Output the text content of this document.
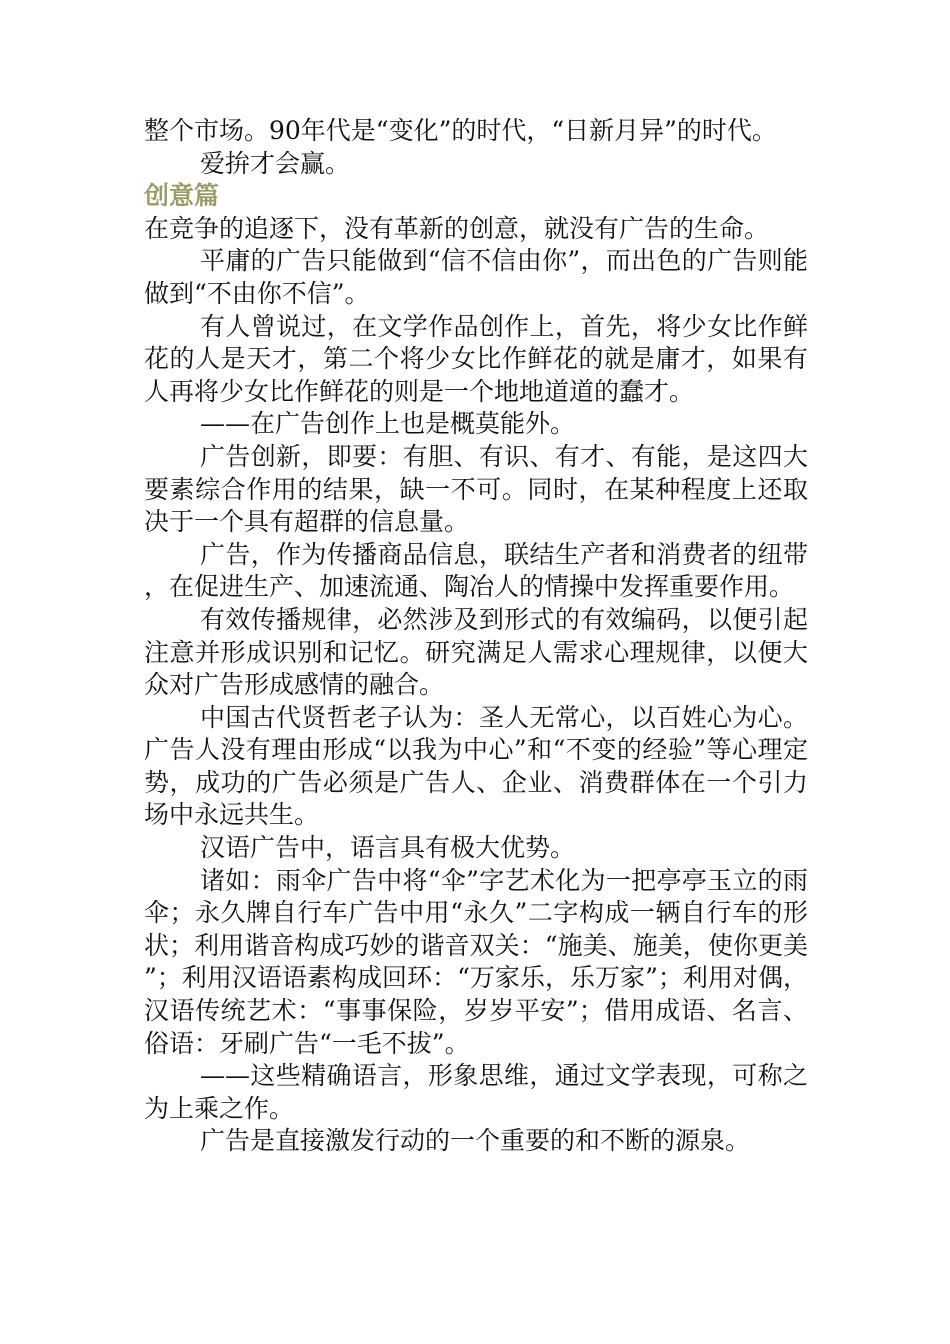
整个市场。90年代是“变化”的时代，“日新月异”的时代。

爱拚才会赢。

创意篇

在竞争的追逐下，没有革新的创意，就没有广告的生命。

平庸的广告只能做到“信不信由你”，而出色的广告则能做到“不由你不信”。

有人曾说过，在文学作品创作上，首先，将少女比作鲜花的人是天才，第二个将少女比作鲜花的就是庸才，如果有人再将少女比作鲜花的则是一个地地道道的蠢才。

——在广告创作上也是概莫能外。

广告创新，即要：有胆、有识、有才、有能，是这四大要素综合作用的结果，缺一不可。同时，在某种程度上还取决于一个具有超群的信息量。

广告，作为传播商品信息，联结生产者和消费者的纽带，在促进生产、加速流通、陶冶人的情操中发挥重要作用。

有效传播规律，必然涉及到形式的有效编码，以便引起注意并形成识别和记忆。研究满足人需求心理规律，以便大众对广告形成感情的融合。

中国古代贤哲老子认为：圣人无常心，以百姓心为心。广告人没有理由形成“以我为中心”和“不变的经验”等心理定势，成功的广告必须是广告人、企业、消费群体在一个引力场中永远共生。

汉语广告中，语言具有极大优势。

诸如：雨伞广告中将“伞”字艺术化为一把亭亭玉立的雨伞；永久牌自行车广告中用“永久”二字构成一辆自行车的形状；利用谐音构成巧妙的谐音双关：“施美、施美，使你更美”；利用汉语语素构成回环：“万家乐，乐万家”；利用对偶，汉语传统艺术：“事事保险，岁岁平安”；借用成语、名言、俗语：牙刷广告“一毛不拔”。

——这些精确语言，形象思维，通过文学表现，可称之为上乘之作。

广告是直接激发行动的一个重要的和不断的源泉。
